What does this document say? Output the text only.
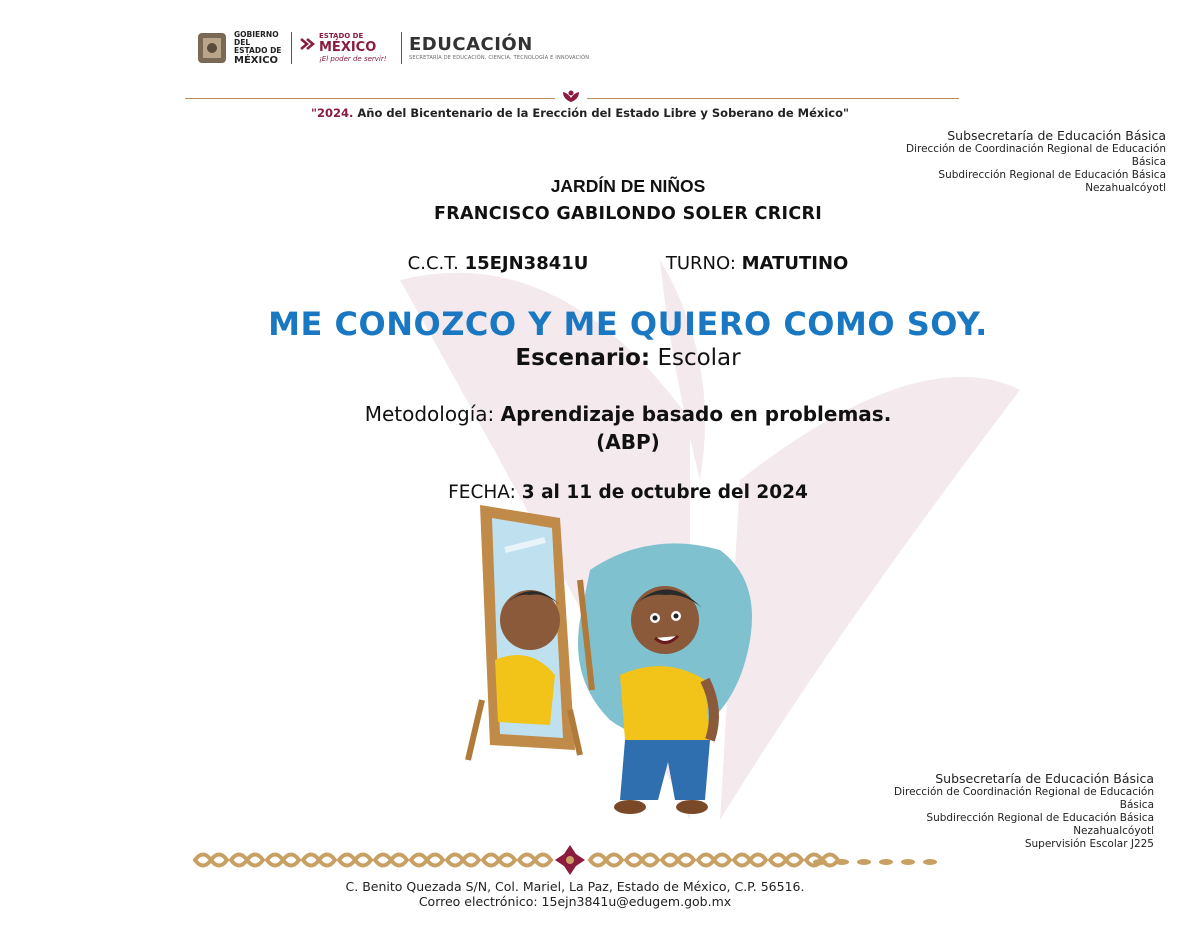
GOBIERNO DEL
ESTADO DE
MÉXICO
ESTADO DE
MÉXICO
¡El poder de servir!
EDUCACIÓN
SECRETARÍA DE EDUCACIÓN, CIENCIA, TECNOLOGÍA E INNOVACIÓN
"2024. Año del Bicentenario de la Erección del Estado Libre y Soberano de México"
Subsecretaría de Educación Básica
Dirección de Coordinación Regional de Educación
Básica
Subdirección Regional de Educación Básica
Nezahualcóyotl
JARDÍN DE NIÑOS
FRANCISCO GABILONDO SOLER CRICRI
C.C.T. 15EJN3841U	TURNO: MATUTINO
ME CONOZCO Y ME QUIERO COMO SOY.
Escenario: Escolar
Metodología: Aprendizaje basado en problemas.
(ABP)
FECHA: 3 al 11 de octubre del 2024
Subsecretaría de Educación Básica
Dirección de Coordinación Regional de Educación
Básica
Subdirección Regional de Educación Básica
Nezahualcóyotl
Supervisión Escolar J225
C. Benito Quezada S/N, Col. Mariel, La Paz, Estado de México, C.P. 56516.
Correo electrónico: 15ejn3841u@edugem.gob.mx
